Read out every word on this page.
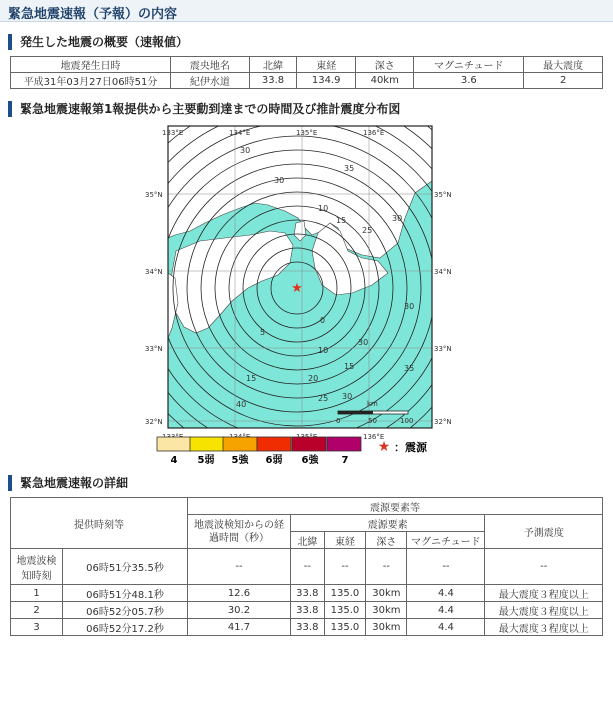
緊急地震速報（予報）の内容
発生した地震の概要（速報値）
地震発生日時	震央地名	北緯	東経	深さ	マグニチュード	最大震度
平成31年03月27日06時51分	紀伊水道	33.8	134.9	40km	3.6	2
緊急地震速報第1報提供から主要動到達までの時間及び推計震度分布図
0
15
5
10
15
10
15	20
30
25
35
25
30
40
30
30
30
30
35
133°E	134°E	135°E	136°E
136°E
35°N
34°N
33°N
32°N
35°N
34°N
33°N
32°N
km
0	50	100
★
4 5弱 5強 6弱 6強 7
★ ：震源
緊急地震速報の詳細
提供時刻等		震源要素等					
		地震波検知からの経過時間（秒）	震源要素				予測震度
			北緯	東経	深さ	マグニチュード	
地震波検知時刻	06時51分35.5秒	--	--	--	--	--	--
1	06時51分48.1秒	12.6	33.8	135.0	30km	4.4	最大震度３程度以上
2	06時52分05.7秒	30.2	33.8	135.0	30km	4.4	最大震度３程度以上
3	06時52分17.2秒	41.7	33.8	135.0	30km	4.4	最大震度３程度以上
